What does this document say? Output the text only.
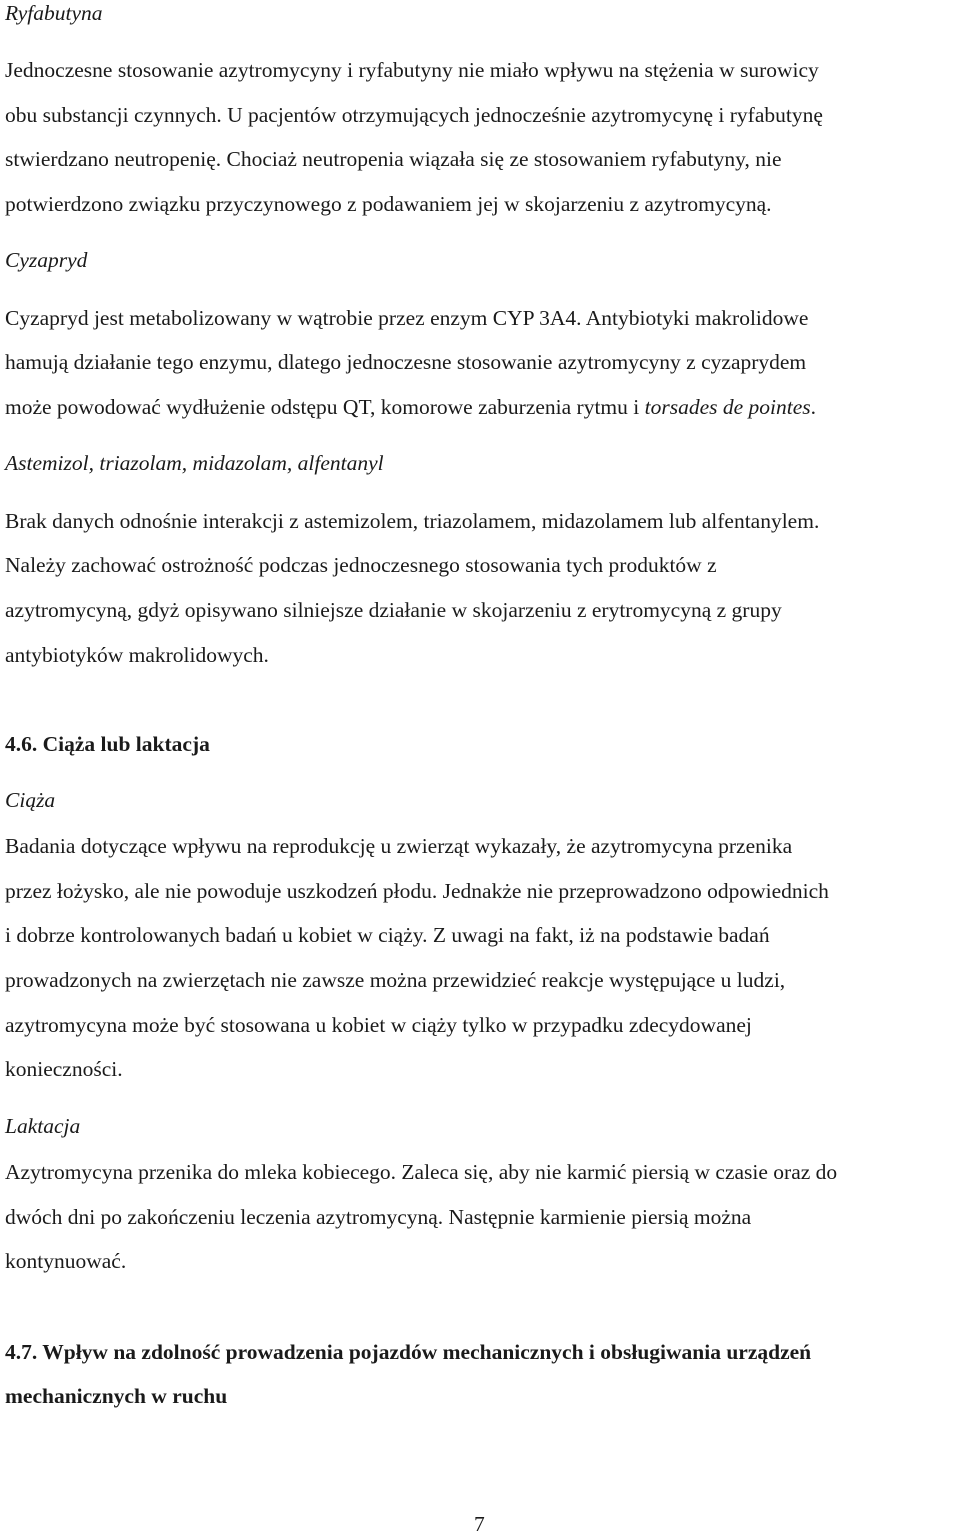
Ryfabutyna
Jednoczesne stosowanie azytromycyny i ryfabutyny nie miało wpływu na stężenia w surowicy
obu substancji czynnych. U pacjentów otrzymujących jednocześnie azytromycynę i ryfabutynę
stwierdzano neutropenię. Chociaż neutropenia wiązała się ze stosowaniem ryfabutyny, nie
potwierdzono związku przyczynowego z podawaniem jej w skojarzeniu z azytromycyną.
Cyzapryd
Cyzapryd jest metabolizowany w wątrobie przez enzym CYP 3A4. Antybiotyki makrolidowe
hamują działanie tego enzymu, dlatego jednoczesne stosowanie azytromycyny z cyzaprydem
może powodować wydłużenie odstępu QT, komorowe zaburzenia rytmu i torsades de pointes.
Astemizol, triazolam, midazolam, alfentanyl
Brak danych odnośnie interakcji z astemizolem, triazolamem, midazolamem lub alfentanylem.
Należy zachować ostrożność podczas jednoczesnego stosowania tych produktów z
azytromycyną, gdyż opisywano silniejsze działanie w skojarzeniu z erytromycyną z grupy
antybiotyków makrolidowych.
4.6. Ciąża lub laktacja
Ciąża
Badania dotyczące wpływu na reprodukcję u zwierząt wykazały, że azytromycyna przenika
przez łożysko, ale nie powoduje uszkodzeń płodu. Jednakże nie przeprowadzono odpowiednich
i dobrze kontrolowanych badań u kobiet w ciąży. Z uwagi na fakt, iż na podstawie badań
prowadzonych na zwierzętach nie zawsze można przewidzieć reakcje występujące u ludzi,
azytromycyna może być stosowana u kobiet w ciąży tylko w przypadku zdecydowanej
konieczności.
Laktacja
Azytromycyna przenika do mleka kobiecego. Zaleca się, aby nie karmić piersią w czasie oraz do
dwóch dni po zakończeniu leczenia azytromycyną. Następnie karmienie piersią można
kontynuować.
4.7. Wpływ na zdolność prowadzenia pojazdów mechanicznych i obsługiwania urządzeń
mechanicznych w ruchu
7
